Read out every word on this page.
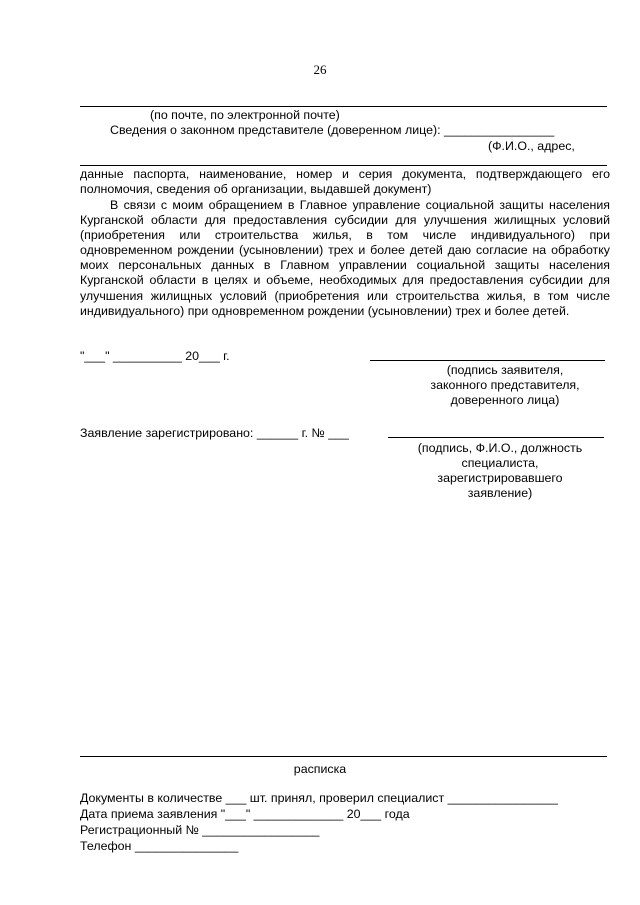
26
(по почте, по электронной почте)
Сведения о законном представителе (доверенном лице): ________________
(Ф.И.О., адрес,
данные паспорта, наименование, номер и серия документа, подтверждающего его полномочия, сведения об организации, выдавшей документ)
В связи с моим обращением в Главное управление социальной защиты населения Курганской области для предоставления субсидии для улучшения жилищных условий (приобретения или строительства жилья, в том числе индивидуального) при одновременном рождении (усыновлении) трех и более детей даю согласие на обработку моих персональных данных в Главном управлении социальной защиты населения Курганской области в целях и объеме, необходимых для предоставления субсидии для улучшения жилищных условий (приобретения или строительства жилья, в том числе индивидуального) при одновременном рождении (усыновлении) трех и более детей.
"___" __________ 20___ г.
(подпись заявителя,
законного представителя,
доверенного лица)
Заявление зарегистрировано: ______ г. № ___
(подпись, Ф.И.О., должность
специалиста,
зарегистрировавшего
заявление)
расписка
Документы в количестве ___ шт. принял, проверил специалист ________________
Дата приема заявления "___" _____________ 20___ года
Регистрационный № _________________
Телефон _______________
